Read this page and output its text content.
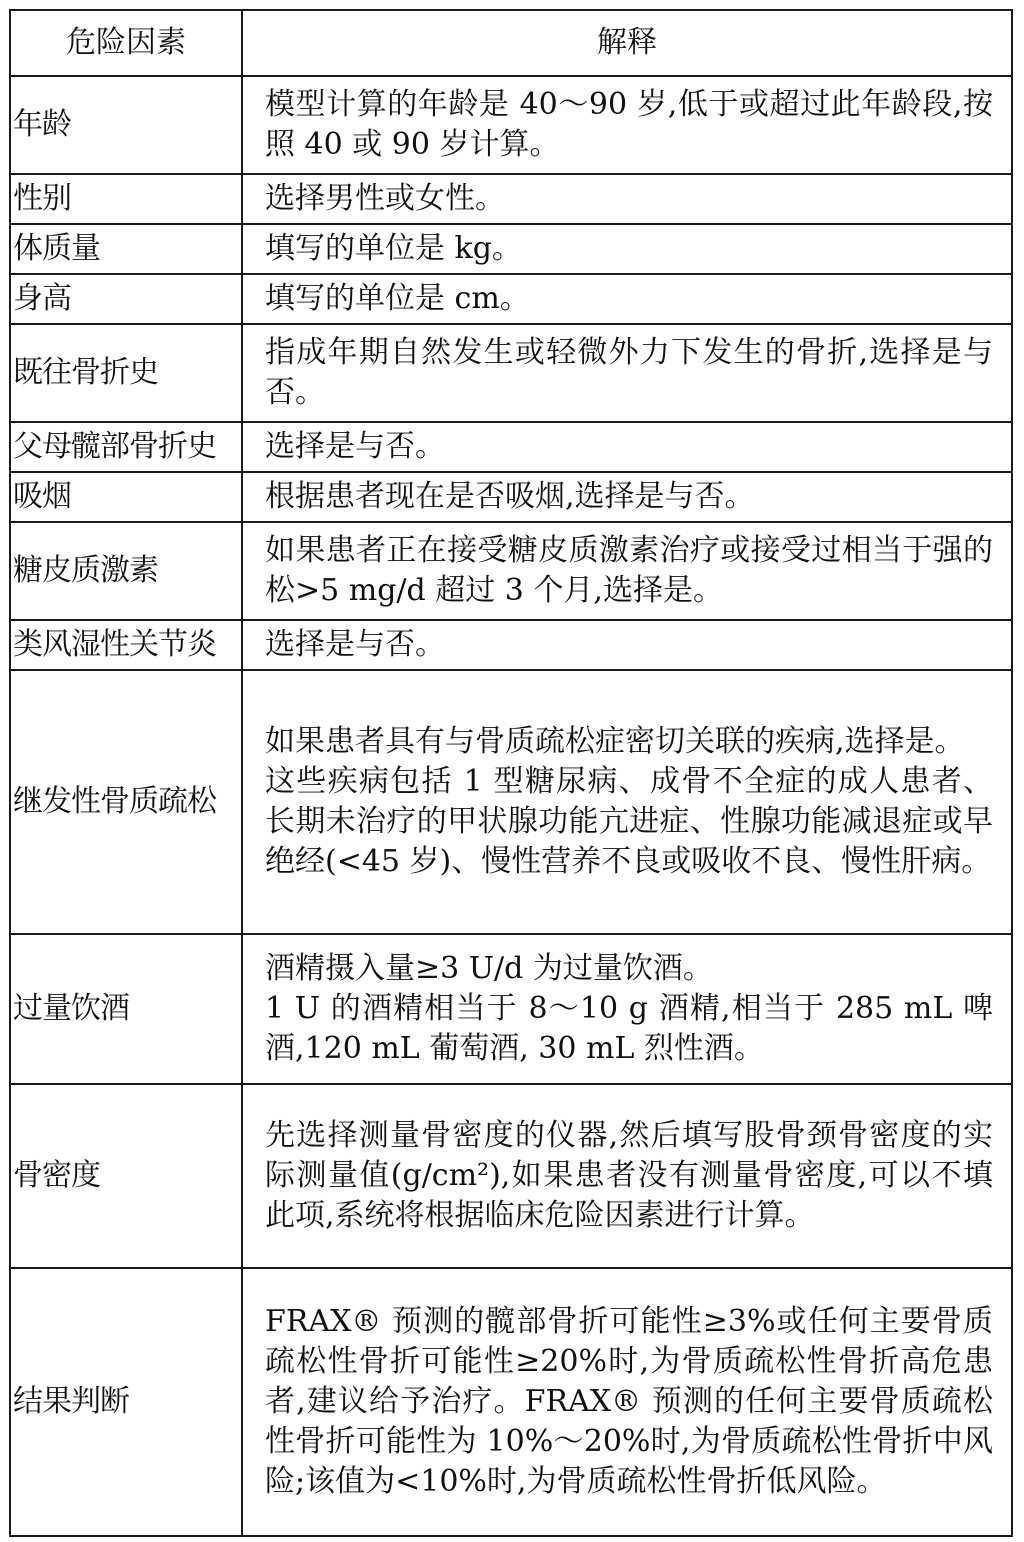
危险因素	解释
年龄	模型计算的年龄是 40～90 岁,低于或超过此年龄段,按照 40 或 90 岁计算。

性别	选择男性或女性。

体质量	填写的单位是 kg。

身高	填写的单位是 cm。

既往骨折史	指成年期自然发生或轻微外力下发生的骨折,选择是与否。

父母髋部骨折史	选择是与否。

吸烟	根据患者现在是否吸烟,选择是与否。

糖皮质激素	如果患者正在接受糖皮质激素治疗或接受过相当于强的松>5 mg/d 超过 3 个月,选择是。

类风湿性关节炎	选择是与否。

继发性骨质疏松	如果患者具有与骨质疏松症密切关联的疾病,选择是。
这些疾病包括 1 型糖尿病、成骨不全症的成人患者、长期未治疗的甲状腺功能亢进症、性腺功能减退症或早绝经(<45 岁)、慢性营养不良或吸收不良、慢性肝病。

过量饮酒	酒精摄入量≥3 U/d 为过量饮酒。
1 U 的酒精相当于 8～10 g 酒精,相当于 285 mL 啤酒,120 mL 葡萄酒, 30 mL 烈性酒。

骨密度	先选择测量骨密度的仪器,然后填写股骨颈骨密度的实际测量值(g/cm²),如果患者没有测量骨密度,可以不填此项,系统将根据临床危险因素进行计算。

结果判断	FRAX® 预测的髋部骨折可能性≥3%或任何主要骨质疏松性骨折可能性≥20%时,为骨质疏松性骨折高危患者,建议给予治疗。FRAX® 预测的任何主要骨质疏松性骨折可能性为 10%～20%时,为骨质疏松性骨折中风险;该值为<10%时,为骨质疏松性骨折低风险。
